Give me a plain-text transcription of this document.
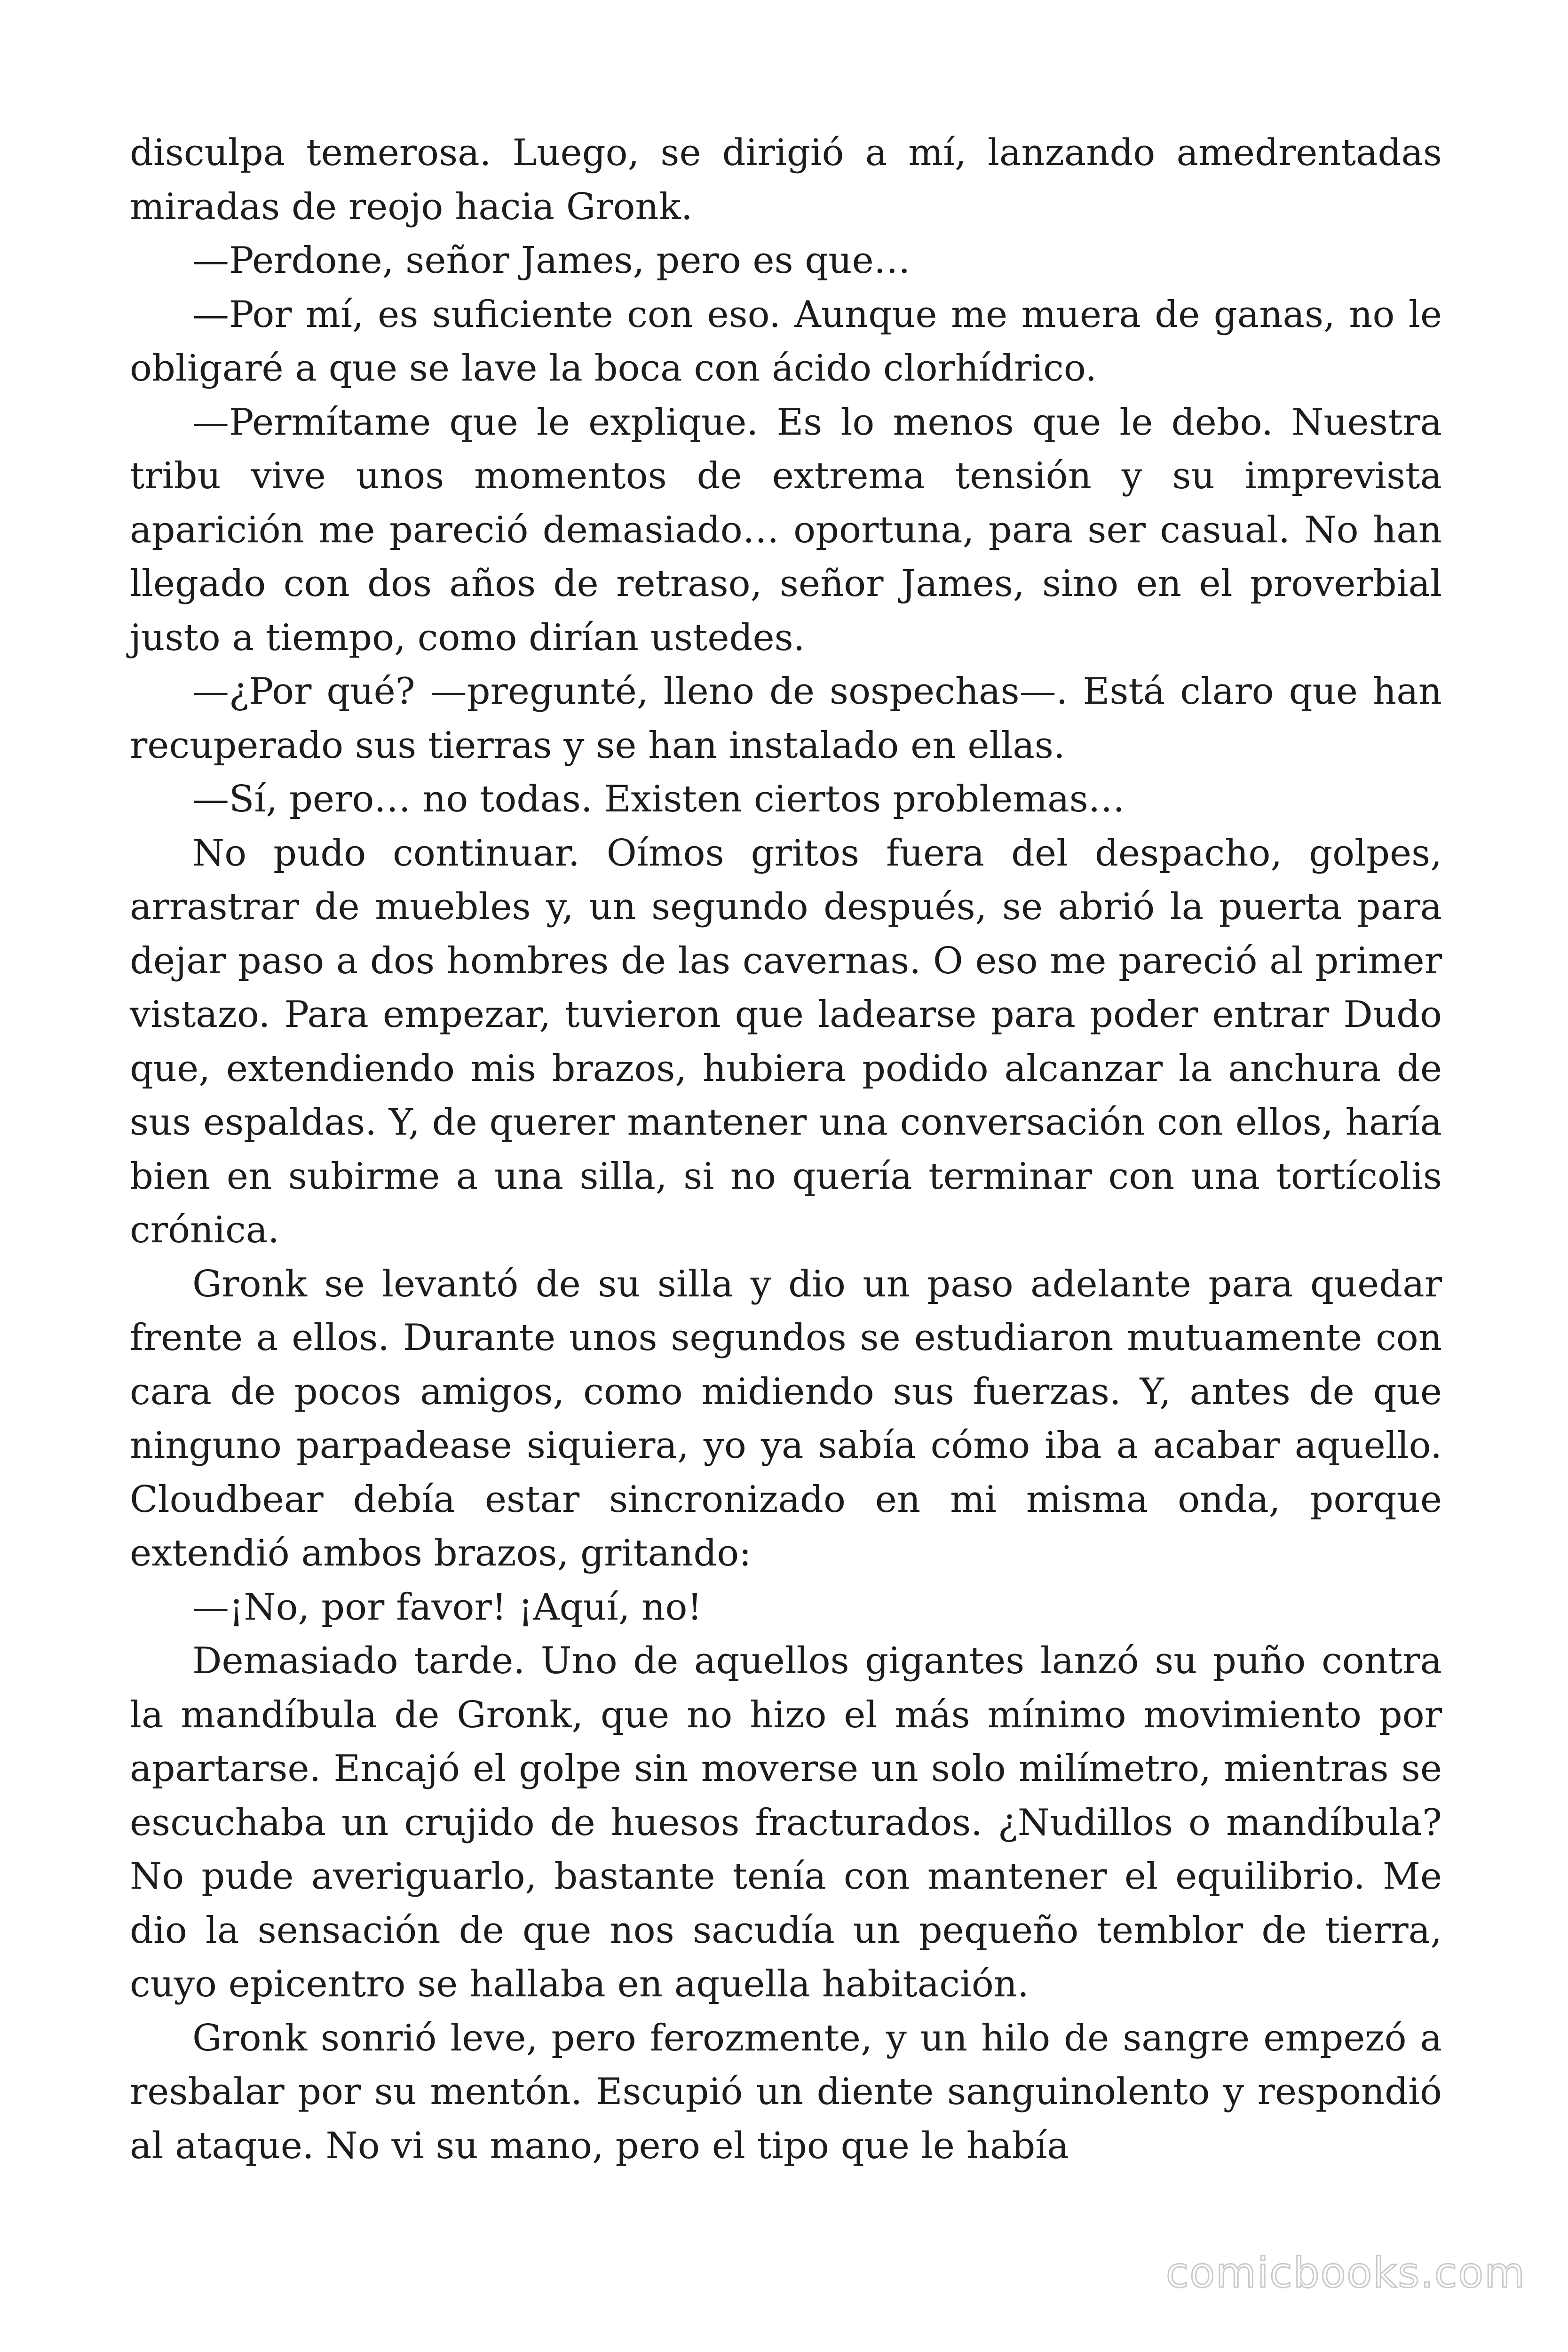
disculpa temerosa. Luego, se dirigió a mí, lanzando amedrentadas miradas de reojo hacia Gronk.

—Perdone, señor James, pero es que…

—Por mí, es suficiente con eso. Aunque me muera de ganas, no le obligaré a que se lave la boca con ácido clorhídrico.

—Permítame que le explique. Es lo menos que le debo. Nuestra tribu vive unos momentos de extrema tensión y su imprevista aparición me pareció demasiado… oportuna, para ser casual. No han llegado con dos años de retraso, señor James, sino en el proverbial justo a tiempo, como dirían ustedes.

—¿Por qué? —pregunté, lleno de sospechas—. Está claro que han recuperado sus tierras y se han instalado en ellas.

—Sí, pero… no todas. Existen ciertos problemas…

No pudo continuar. Oímos gritos fuera del despacho, golpes, arrastrar de muebles y, un segundo después, se abrió la puerta para dejar paso a dos hombres de las cavernas. O eso me pareció al primer vistazo. Para empezar, tuvieron que ladearse para poder entrar Dudo que, extendiendo mis brazos, hubiera podido alcanzar la anchura de sus espaldas. Y, de querer mantener una conversación con ellos, haría bien en subirme a una silla, si no quería terminar con una tortícolis crónica.

Gronk se levantó de su silla y dio un paso adelante para quedar frente a ellos. Durante unos segundos se estudiaron mutuamente con cara de pocos amigos, como midiendo sus fuerzas. Y, antes de que ninguno parpadease siquiera, yo ya sabía cómo iba a acabar aquello. Cloudbear debía estar sincronizado en mi misma onda, porque extendió ambos brazos, gritando:

—¡No, por favor! ¡Aquí, no!

Demasiado tarde. Uno de aquellos gigantes lanzó su puño contra la mandíbula de Gronk, que no hizo el más mínimo movimiento por apartarse. Encajó el golpe sin moverse un solo milímetro, mientras se escuchaba un crujido de huesos fracturados. ¿Nudillos o mandíbula? No pude averiguarlo, bastante tenía con mantener el equilibrio. Me dio la sensación de que nos sacudía un pequeño temblor de tierra, cuyo epicentro se hallaba en aquella habitación.

Gronk sonrió leve, pero ferozmente, y un hilo de sangre empezó a resbalar por su mentón. Escupió un diente sanguinolento y respondió al ataque. No vi su mano, pero el tipo que le había

comicbooks.com
